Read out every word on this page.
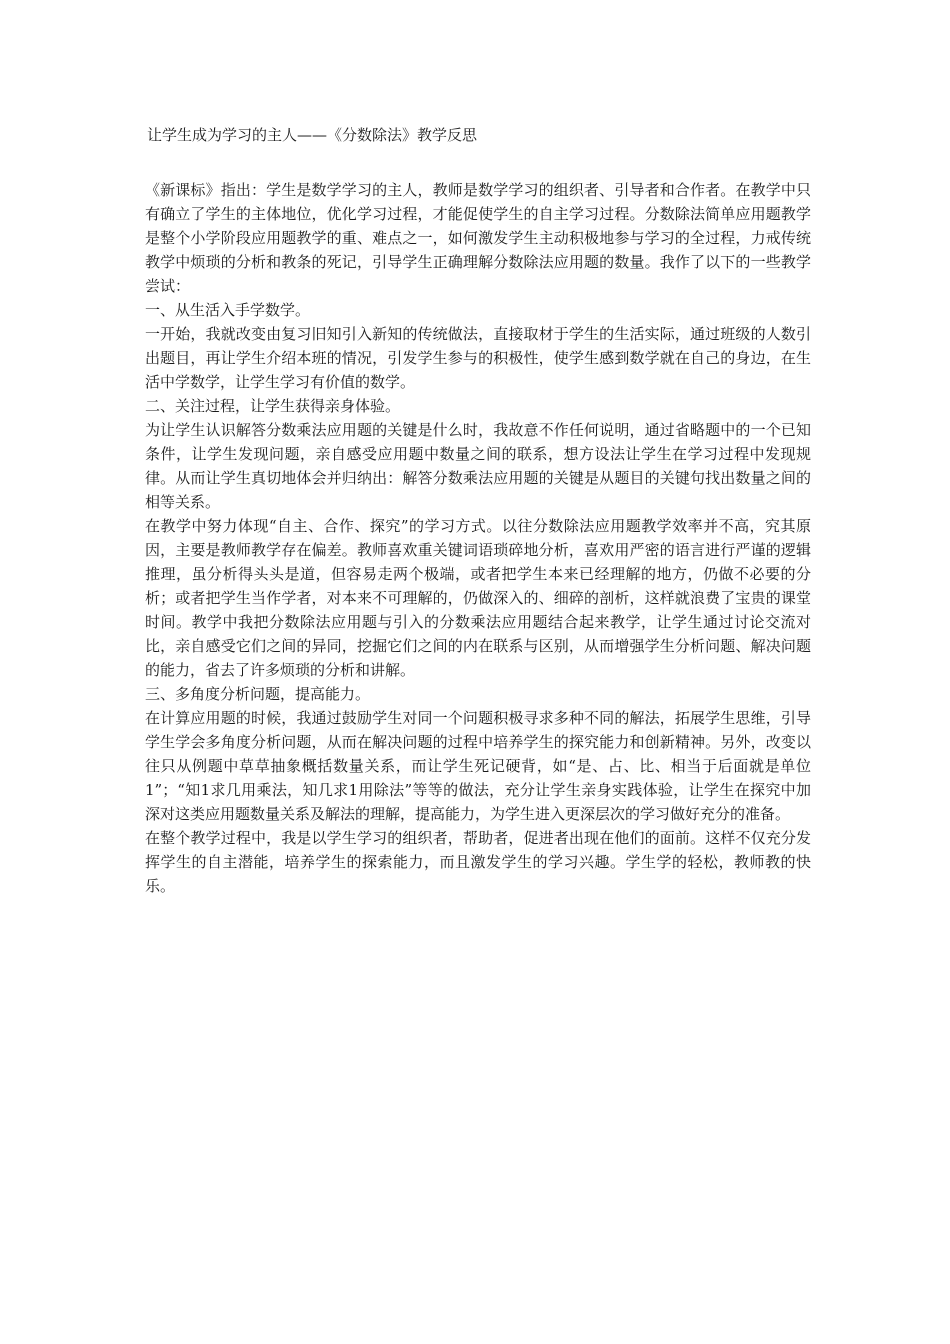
让学生成为学习的主人——《分数除法》教学反思

《新课标》指出：学生是数学学习的主人，教师是数学学习的组织者、引导者和合作者。在教学中只有确立了学生的主体地位，优化学习过程，才能促使学生的自主学习过程。分数除法简单应用题教学是整个小学阶段应用题教学的重、难点之一，如何激发学生主动积极地参与学习的全过程，力戒传统教学中烦琐的分析和教条的死记，引导学生正确理解分数除法应用题的数量。我作了以下的一些教学尝试：

一、从生活入手学数学。

一开始，我就改变由复习旧知引入新知的传统做法，直接取材于学生的生活实际，通过班级的人数引出题目，再让学生介绍本班的情况，引发学生参与的积极性，使学生感到数学就在自己的身边，在生活中学数学，让学生学习有价值的数学。

二、关注过程，让学生获得亲身体验。

为让学生认识解答分数乘法应用题的关键是什么时，我故意不作任何说明，通过省略题中的一个已知条件，让学生发现问题，亲自感受应用题中数量之间的联系，想方设法让学生在学习过程中发现规律。从而让学生真切地体会并归纳出：解答分数乘法应用题的关键是从题目的关键句找出数量之间的相等关系。

在教学中努力体现“自主、合作、探究”的学习方式。以往分数除法应用题教学效率并不高，究其原因，主要是教师教学存在偏差。教师喜欢重关键词语琐碎地分析，喜欢用严密的语言进行严谨的逻辑推理，虽分析得头头是道，但容易走两个极端，或者把学生本来已经理解的地方，仍做不必要的分析；或者把学生当作学者，对本来不可理解的，仍做深入的、细碎的剖析，这样就浪费了宝贵的课堂时间。教学中我把分数除法应用题与引入的分数乘法应用题结合起来教学，让学生通过讨论交流对比，亲自感受它们之间的异同，挖掘它们之间的内在联系与区别，从而增强学生分析问题、解决问题的能力，省去了许多烦琐的分析和讲解。

三、多角度分析问题，提高能力。

在计算应用题的时候，我通过鼓励学生对同一个问题积极寻求多种不同的解法，拓展学生思维，引导学生学会多角度分析问题，从而在解决问题的过程中培养学生的探究能力和创新精神。另外，改变以往只从例题中草草抽象概括数量关系，而让学生死记硬背，如“是、占、比、相当于后面就是单位1”；“知1求几用乘法，知几求1用除法”等等的做法，充分让学生亲身实践体验，让学生在探究中加深对这类应用题数量关系及解法的理解，提高能力，为学生进入更深层次的学习做好充分的准备。

在整个教学过程中，我是以学生学习的组织者，帮助者，促进者出现在他们的面前。这样不仅充分发挥学生的自主潜能，培养学生的探索能力，而且激发学生的学习兴趣。学生学的轻松，教师教的快乐。
